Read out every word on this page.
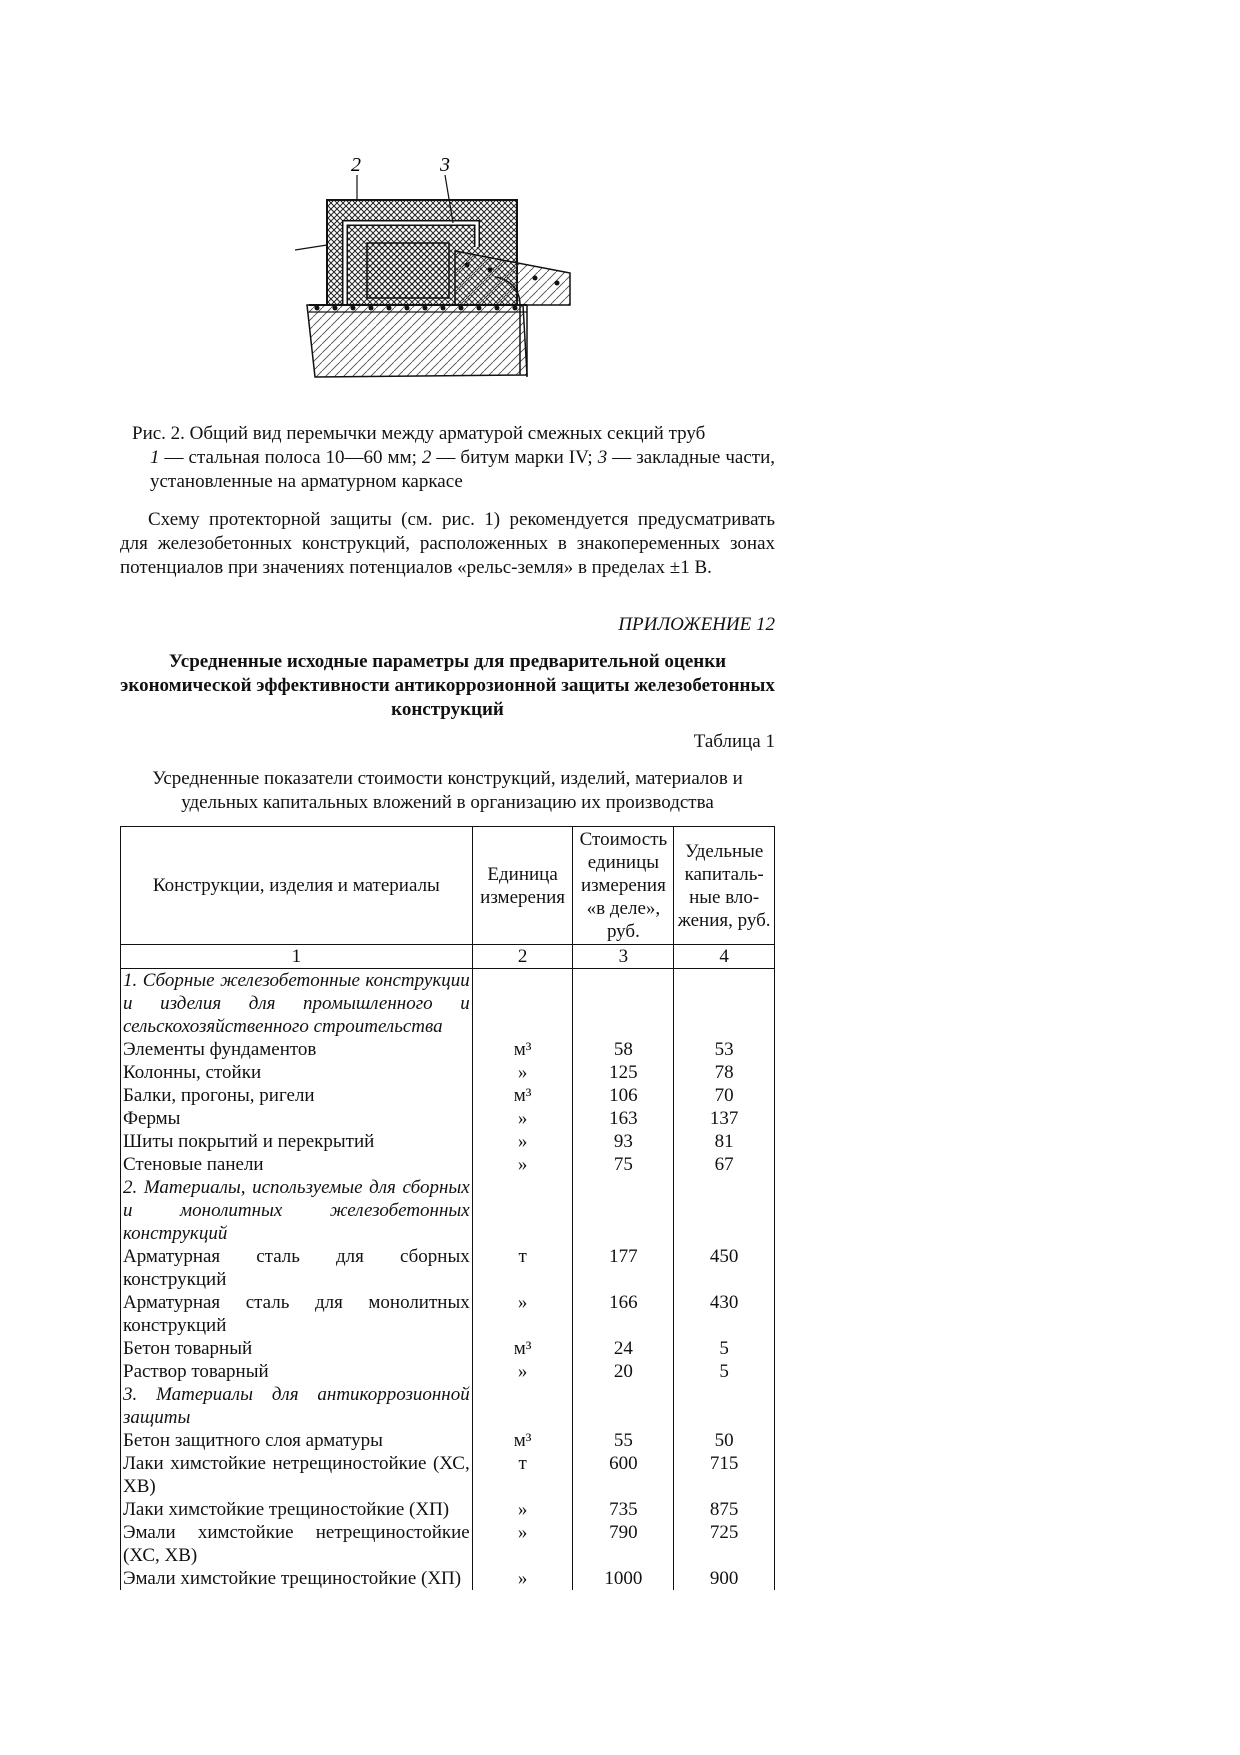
2	3
Рис. 2. Общий вид перемычки между арматурой смежных секций труб
1 — стальная полоса 10—60 мм; 2 — битум марки IV; 3 — закладные части, установленные на арматурном каркасе
Схему протекторной защиты (см. рис. 1) рекомендуется предусматривать для железобетонных конструкций, расположенных в знакопеременных зонах потенциалов при значениях потенциалов «рельс-земля» в пределах ±1 В.
ПРИЛОЖЕНИЕ 12
Усредненные исходные параметры для предварительной оценки экономической эффективности антикоррозионной защиты железобетонных конструкций
Таблица 1
Усредненные показатели стоимости конструкций, изделий, материалов и удельных капитальных вложений в организацию их производства
Конструкции, изделия и материалы	Единица измерения	Стоимость единицы измерения «в деле», руб.	Удельные капиталь-ные вло-жения, руб.
1	2	3	4
1. Сборные железобетонные конструкции и изделия для промышленного и сельскохозяйственного строительства			
Элементы фундаментов	м³	58	53
Колонны, стойки	»	125	78
Балки, прогоны, ригели	м³	106	70
Фермы	»	163	137
Шиты покрытий и перекрытий	»	93	81
Стеновые панели	»	75	67
2. Материалы, используемые для сборных и монолитных железобетонных конструкций			
Арматурная сталь для сборных конструкций	т	177	450
Арматурная сталь для монолитных конструкций	»	166	430
Бетон товарный	м³	24	5
Раствор товарный	»	20	5
3. Материалы для антикоррозионной защиты			
Бетон защитного слоя арматуры	м³	55	50
Лаки химстойкие нетрещиностойкие (ХС, ХВ)	т	600	715
Лаки химстойкие трещиностойкие (ХП)	»	735	875
Эмали химстойкие нетрещиностойкие (ХС, ХВ)	»	790	725
Эмали химстойкие трещиностойкие (ХП)	»	1000	900
